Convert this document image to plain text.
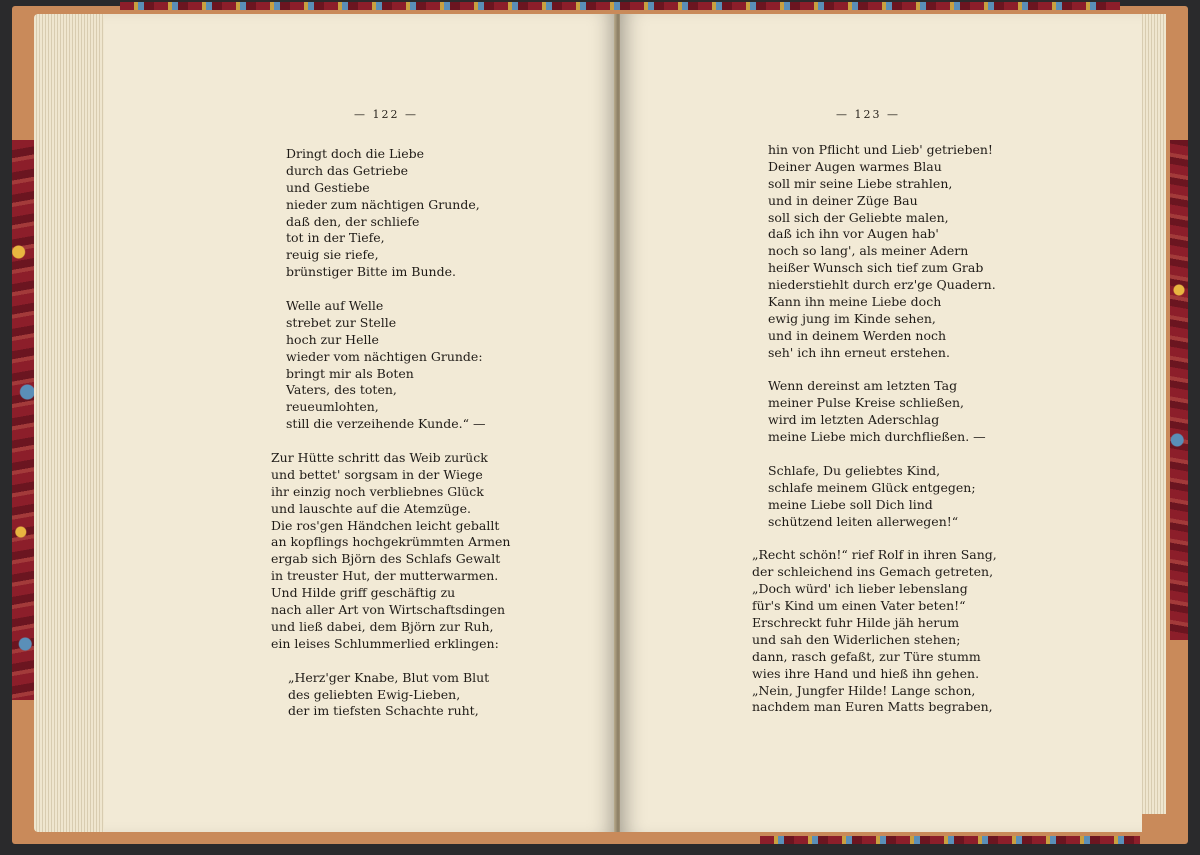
— 122 —
Dringt doch die Liebe
durch das Getriebe
und Gestiebe
nieder zum nächtigen Grunde,
daß den, der schliefe
tot in der Tiefe,
reuig sie riefe,
brünstiger Bitte im Bunde.
Welle auf Welle
strebet zur Stelle
hoch zur Helle
wieder vom nächtigen Grunde:
bringt mir als Boten
Vaters, des toten,
reueumlohten,
still die verzeihende Kunde.“ —
Zur Hütte schritt das Weib zurück
und bettet' sorgsam in der Wiege
ihr einzig noch verbliebnes Glück
und lauschte auf die Atemzüge.
Die ros'gen Händchen leicht geballt
an kopflings hochgekrümmten Armen
ergab sich Björn des Schlafs Gewalt
in treuster Hut, der mutterwarmen.
Und Hilde griff geschäftig zu
nach aller Art von Wirtschaftsdingen
und ließ dabei, dem Björn zur Ruh,
ein leises Schlummerlied erklingen:
„Herz'ger Knabe, Blut vom Blut
des geliebten Ewig-Lieben,
der im tiefsten Schachte ruht,
— 123 —
hin von Pflicht und Lieb' getrieben!
Deiner Augen warmes Blau
soll mir seine Liebe strahlen,
und in deiner Züge Bau
soll sich der Geliebte malen,
daß ich ihn vor Augen hab'
noch so lang', als meiner Adern
heißer Wunsch sich tief zum Grab
niederstiehlt durch erz'ge Quadern.
Kann ihn meine Liebe doch
ewig jung im Kinde sehen,
und in deinem Werden noch
seh' ich ihn erneut erstehen.
Wenn dereinst am letzten Tag
meiner Pulse Kreise schließen,
wird im letzten Aderschlag
meine Liebe mich durchfließen. —
Schlafe, Du geliebtes Kind,
schlafe meinem Glück entgegen;
meine Liebe soll Dich lind
schützend leiten allerwegen!“
„Recht schön!“ rief Rolf in ihren Sang,
der schleichend ins Gemach getreten,
„Doch würd' ich lieber lebenslang
für's Kind um einen Vater beten!“
Erschreckt fuhr Hilde jäh herum
und sah den Widerlichen stehen;
dann, rasch gefaßt, zur Türe stumm
wies ihre Hand und hieß ihn gehen.
„Nein, Jungfer Hilde! Lange schon,
nachdem man Euren Matts begraben,
